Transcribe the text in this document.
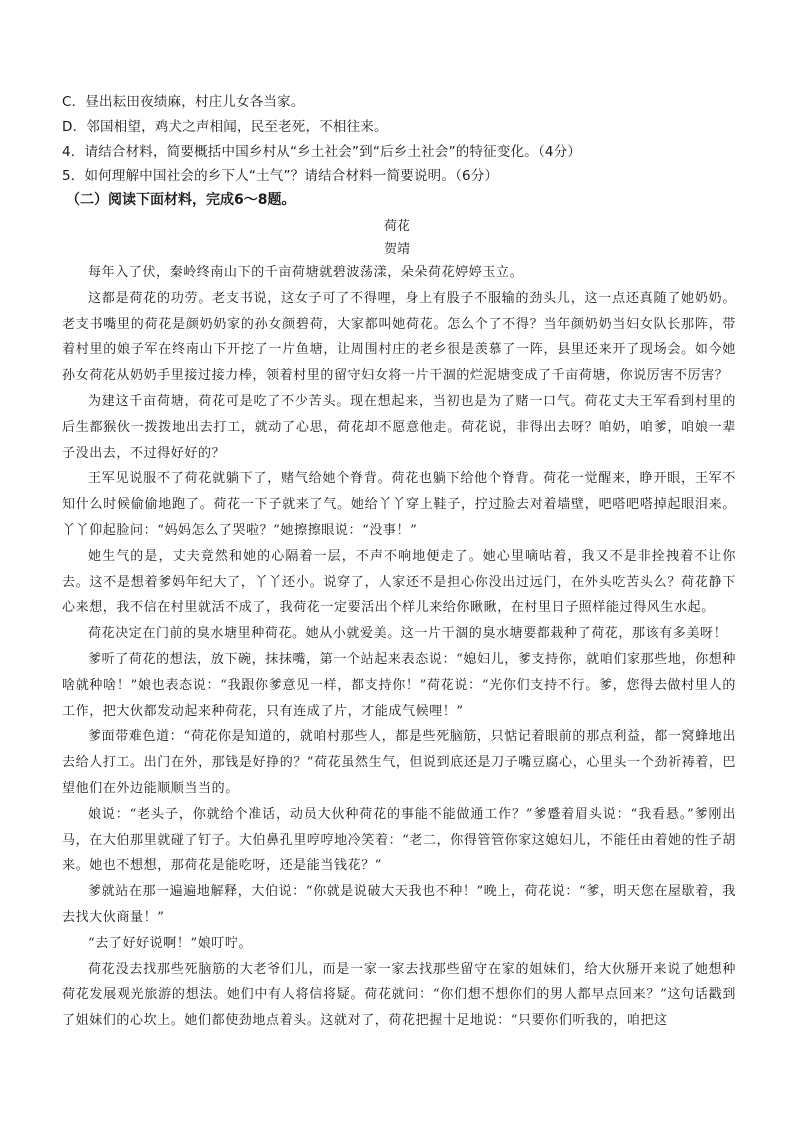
C．昼出耘田夜绩麻，村庄儿女各当家。
D．邻国相望，鸡犬之声相闻，民至老死，不相往来。
4．请结合材料，简要概括中国乡村从“乡土社会”到“后乡土社会”的特征变化。（4分）
5．如何理解中国社会的乡下人“土气”？请结合材料一简要说明。（6分）
（二）阅读下面材料，完成6～8题。
荷花
贺靖

每年入了伏，秦岭终南山下的千亩荷塘就碧波荡漾，朵朵荷花婷婷玉立。

这都是荷花的功劳。老支书说，这女子可了不得哩，身上有股子不服输的劲头儿，这一点还真随了她奶奶。老支书嘴里的荷花是颜奶奶家的孙女颜碧荷，大家都叫她荷花。怎么个了不得？当年颜奶奶当妇女队长那阵，带着村里的娘子军在终南山下开挖了一片鱼塘，让周围村庄的老乡很是羡慕了一阵，县里还来开了现场会。如今她孙女荷花从奶奶手里接过接力棒，领着村里的留守妇女将一片干涸的烂泥塘变成了千亩荷塘，你说厉害不厉害？

为建这千亩荷塘，荷花可是吃了不少苦头。现在想起来，当初也是为了赌一口气。荷花丈夫王军看到村里的后生都猴伙一拨拨地出去打工，就动了心思，荷花却不愿意他走。荷花说，非得出去呀？咱奶，咱爹，咱娘一辈子没出去，不过得好好的？

王军见说服不了荷花就躺下了，赌气给她个脊背。荷花也躺下给他个脊背。荷花一觉醒来，睁开眼，王军不知什么时候偷偷地跑了。荷花一下子就来了气。她给丫丫穿上鞋子，拧过脸去对着墙壁，吧嗒吧嗒掉起眼泪来。丫丫仰起脸问：“妈妈怎么了哭啦？”她擦擦眼说：“没事！”

她生气的是，丈夫竟然和她的心隔着一层，不声不响地便走了。她心里嘀咕着，我又不是非拴拽着不让你去。这不是想着爹妈年纪大了，丫丫还小。说穿了，人家还不是担心你没出过远门，在外头吃苦头么？荷花静下心来想，我不信在村里就活不成了，我荷花一定要活出个样儿来给你瞅瞅，在村里日子照样能过得风生水起。

荷花决定在门前的臭水塘里种荷花。她从小就爱美。这一片干涸的臭水塘要都栽种了荷花，那该有多美呀！

爹听了荷花的想法，放下碗，抹抹嘴，第一个站起来表态说：“媳妇儿，爹支持你，就咱们家那些地，你想种啥就种啥！”娘也表态说：“我跟你爹意见一样，都支持你！”荷花说：“光你们支持不行。爹，您得去做村里人的工作，把大伙都发动起来种荷花，只有连成了片，才能成气候哩！”

爹面带难色道：“荷花你是知道的，就咱村那些人，都是些死脑筋，只惦记着眼前的那点利益，都一窝蜂地出去给人打工。出门在外，那钱是好挣的？”荷花虽然生气，但说到底还是刀子嘴豆腐心，心里头一个劲祈祷着，巴望他们在外边能顺顺当当的。

娘说：“老头子，你就给个准话，动员大伙种荷花的事能不能做通工作？”爹蹙着眉头说：“我看悬。”爹刚出马，在大伯那里就碰了钉子。大伯鼻孔里哼哼地冷笑着：“老二，你得管管你家这媳妇儿，不能任由着她的性子胡来。她也不想想，那荷花是能吃呀，还是能当钱花？”

爹就站在那一遍遍地解释，大伯说：“你就是说破大天我也不种！”晚上，荷花说：“爹，明天您在屋歇着，我去找大伙商量！”

“去了好好说啊！”娘叮咛。

荷花没去找那些死脑筋的大老爷们儿，而是一家一家去找那些留守在家的姐妹们，给大伙掰开来说了她想种荷花发展观光旅游的想法。她们中有人将信将疑。荷花就问：“你们想不想你们的男人都早点回来？”这句话戳到了姐妹们的心坎上。她们都使劲地点着头。这就对了，荷花把握十足地说：“只要你们听我的，咱把这
